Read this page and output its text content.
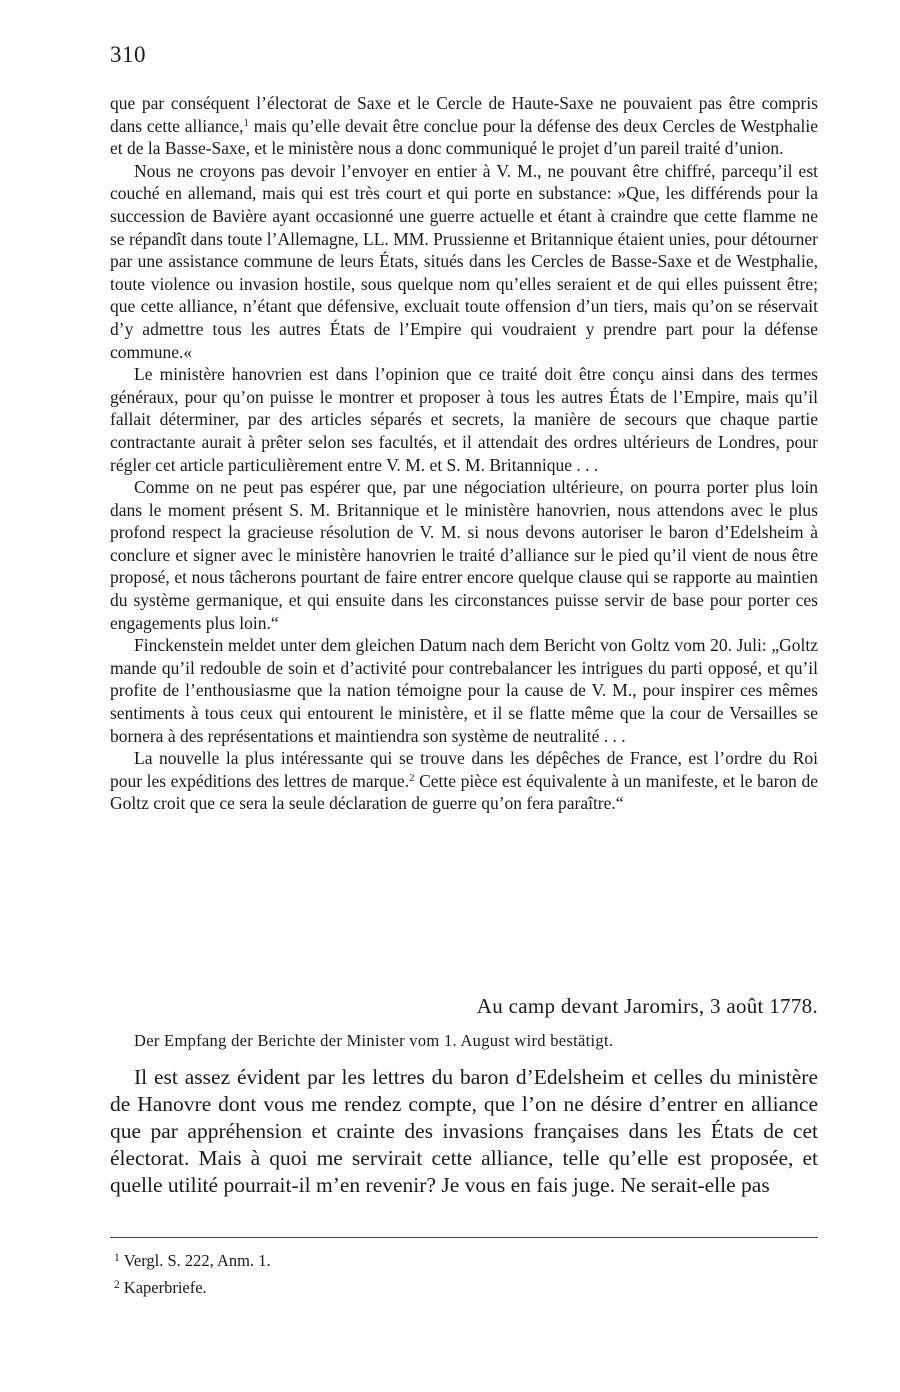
310

que par conséquent l’électorat de Saxe et le Cercle de Haute-Saxe ne pouvaient pas être compris dans cette alliance,$^1$ mais qu’elle devait être conclue pour la défense des deux Cercles de Westphalie et de la Basse-Saxe, et le ministère nous a donc communiqué le projet d’un pareil traité d’union.

Nous ne croyons pas devoir l’envoyer en entier à V. M., ne pouvant être chiffré, parcequ’il est couché en allemand, mais qui est très court et qui porte en substance: »Que, les différends pour la succession de Bavière ayant occasionné une guerre actuelle et étant à craindre que cette flamme ne se répandît dans toute l’Allemagne, LL. MM. Prussienne et Britannique étaient unies, pour détourner par une assistance commune de leurs États, situés dans les Cercles de Basse-Saxe et de Westphalie, toute violence ou invasion hostile, sous quelque nom qu’elles seraient et de qui elles puissent être; que cette alliance, n’étant que défensive, excluait toute offension d’un tiers, mais qu’on se réservait d’y admettre tous les autres États de l’Empire qui voudraient y prendre part pour la défense commune.«

Le ministère hanovrien est dans l’opinion que ce traité doit être conçu ainsi dans des termes généraux, pour qu’on puisse le montrer et proposer à tous les autres États de l’Empire, mais qu’il fallait déterminer, par des articles séparés et secrets, la manière de secours que chaque partie contractante aurait à prêter selon ses facultés, et il attendait des ordres ultérieurs de Londres, pour régler cet article particulièrement entre V. M. et S. M. Britannique . . .

Comme on ne peut pas espérer que, par une négociation ultérieure, on pourra porter plus loin dans le moment présent S. M. Britannique et le ministère hanovrien, nous attendons avec le plus profond respect la gracieuse résolution de V. M. si nous devons autoriser le baron d’Edelsheim à conclure et signer avec le ministère hanovrien le traité d’alliance sur le pied qu’il vient de nous être proposé, et nous tâcherons pourtant de faire entrer encore quelque clause qui se rapporte au maintien du système germanique, et qui ensuite dans les circonstances puisse servir de base pour porter ces engagements plus loin.“

Finckenstein meldet unter dem gleichen Datum nach dem Bericht von Goltz vom 20. Juli: „Goltz mande qu’il redouble de soin et d’activité pour contrebalancer les intrigues du parti opposé, et qu’il profite de l’enthousiasme que la nation témoigne pour la cause de V. M., pour inspirer ces mêmes sentiments à tous ceux qui entourent le ministère, et il se flatte même que la cour de Versailles se bornera à des représentations et maintiendra son système de neutralité . . .

La nouvelle la plus intéressante qui se trouve dans les dépêches de France, est l’ordre du Roi pour les expéditions des lettres de marque.$^2$ Cette pièce est équivalente à un manifeste, et le baron de Goltz croit que ce sera la seule déclaration de guerre qu’on fera paraître.“

Au camp devant Jaromirs, 3 août 1778.
Der Empfang der Berichte der Minister vom 1. August wird bestätigt.

Il est assez évident par les lettres du baron d’Edelsheim et celles du ministère de Hanovre dont vous me rendez compte, que l’on ne désire d’entrer en alliance que par appréhension et crainte des invasions françaises dans les États de cet électorat. Mais à quoi me servirait cette alliance, telle qu’elle est proposée, et quelle utilité pourrait-il m’en revenir? Je vous en fais juge. Ne serait-elle pas

$^1$ Vergl. S. 222, Anm. 1.

$^2$ Kaperbriefe.
